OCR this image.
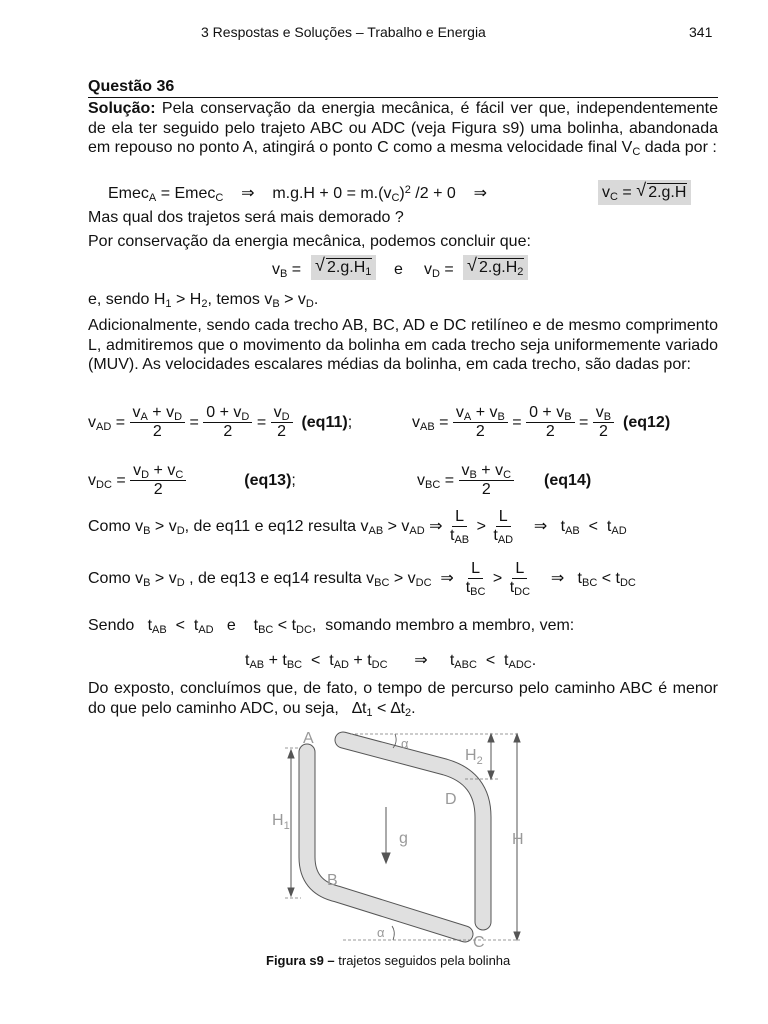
3 Respostas e Soluções – Trabalho e Energia	341
Questão 36
Solução: Pela conservação da energia mecânica, é fácil ver que, independentemente de ela ter seguido pelo trajeto ABC ou ADC (veja Figura s9) uma bolinha, abandonada em repouso no ponto A, atingirá o ponto C como a mesma velocidade final $V_C$ dada por :
Emec$_A$ = Emec$_C$ ⇒ $m.g.H + 0 = m.(v_C)^2$ /2 + 0 ⇒	$v_C$ = √ 2.g.H
Mas qual dos trajetos será mais demorado ?
Por conservação da energia mecânica, podemos concluir que:
$v_B$ = √ $2.g.H_1$	e $v_D$ = √ $2.g.H_2$
e, sendo $H_1 > H_2$, temos $v_B > v_D$.
Adicionalmente, sendo cada trecho AB, BC, AD e DC retilíneo e de mesmo comprimento L, admitiremos que o movimento da bolinha em cada trecho seja uniformemente variado (MUV). As velocidades escalares médias da bolinha, em cada trecho, são dadas por:
$v_{AD} = \frac{v_A + v_D}{2} = \frac{0 + v_D}{2} = \frac{v_D}{2}$
(eq11) ;	$v_{AB} = \frac{v_A + v_B}{2} = \frac{0 + v_B}{2} = \frac{v_B}{2}$
(eq12)
$v_{DC} = \frac{v_D + v_C}{2}$	(eq13) ;	$v_{BC} = \frac{v_B + v_C}{2} (eq14)$
Como $v_B > v_D$, de eq11 e eq12 resulta $v_{AB} > v_{AD}$ ⇒ $\frac{L}{t_{AB}} > \frac{L}{t_{AD}}$	⇒   $t_{AB} < t_{AD}$
Como $v_B > v_D$ , de eq13 e eq14 resulta $v_{BC} > v_{DC}$ ⇒ $\frac{L}{t_{BC}} > \frac{L}{t_{DC}}$	⇒   $t_{BC} < t_{DC}$
Sendo   $t_{AB} < t_{AD}$   e    $t_{BC} < t_{DC}$,  somando membro a membro, vem:
$t_{AB} + t_{BC} < t_{AD} + t_{DC}$ ⇒     $t_{ABC} < t_{ADC}$.
Do exposto, concluímos que, de fato, o tempo de percurso pelo caminho ABC é menor do que pelo caminho ADC, ou seja, $\Delta t_1 < \Delta t_2$.
A
D
B
C
g	H
$H_1$
$H_2$
α
α
Figura s9 – trajetos seguidos pela bolinha
